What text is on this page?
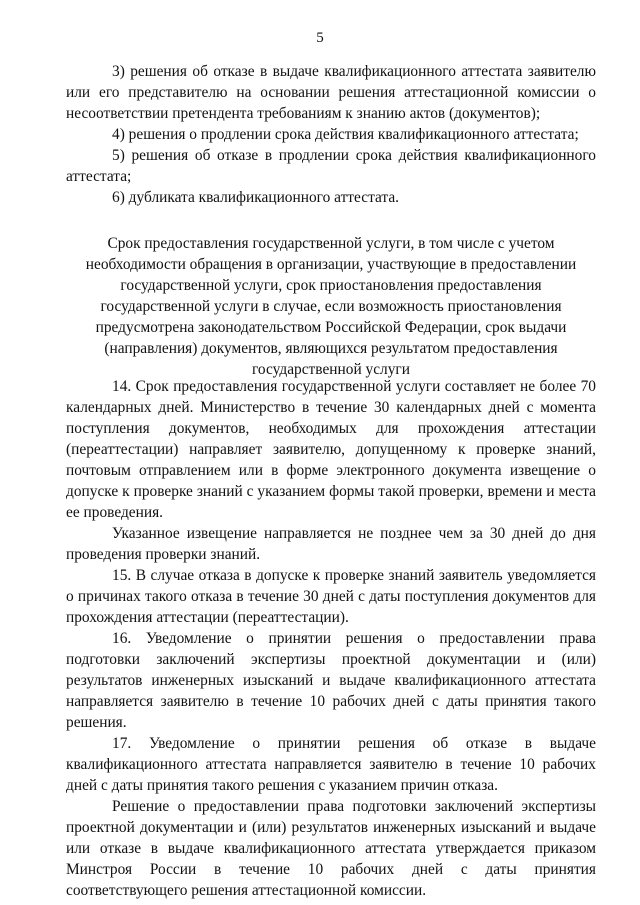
5

3) решения об отказе в выдаче квалификационного аттестата заявителю или его представителю на основании решения аттестационной комиссии о несоответствии претендента требованиям к знанию актов (документов);

4) решения о продлении срока действия квалификационного аттестата;

5) решения об отказе в продлении срока действия квалификационного аттестата;

6) дубликата квалификационного аттестата.

Срок предоставления государственной услуги, в том числе с учетом необходимости обращения в организации, участвующие в предоставлении государственной услуги, срок приостановления предоставления государственной услуги в случае, если возможность приостановления предусмотрена законодательством Российской Федерации, срок выдачи (направления) документов, являющихся результатом предоставления государственной услуги

14. Срок предоставления государственной услуги составляет не более 70 календарных дней. Министерство в течение 30 календарных дней с момента поступления документов, необходимых для прохождения аттестации (переаттестации) направляет заявителю, допущенному к проверке знаний, почтовым отправлением или в форме электронного документа извещение о допуске к проверке знаний с указанием формы такой проверки, времени и места ее проведения.

Указанное извещение направляется не позднее чем за 30 дней до дня проведения проверки знаний.

15. В случае отказа в допуске к проверке знаний заявитель уведомляется о причинах такого отказа в течение 30 дней с даты поступления документов для прохождения аттестации (переаттестации).

16. Уведомление о принятии решения о предоставлении права подготовки заключений экспертизы проектной документации и (или) результатов инженерных изысканий и выдаче квалификационного аттестата направляется заявителю в течение 10 рабочих дней с даты принятия такого решения.

17. Уведомление о принятии решения об отказе в выдаче квалификационного аттестата направляется заявителю в течение 10 рабочих дней с даты принятия такого решения с указанием причин отказа.

Решение о предоставлении права подготовки заключений экспертизы проектной документации и (или) результатов инженерных изысканий и выдаче или отказе в выдаче квалификационного аттестата утверждается приказом Минстроя России в течение 10 рабочих дней с даты принятия соответствующего решения аттестационной комиссии.
